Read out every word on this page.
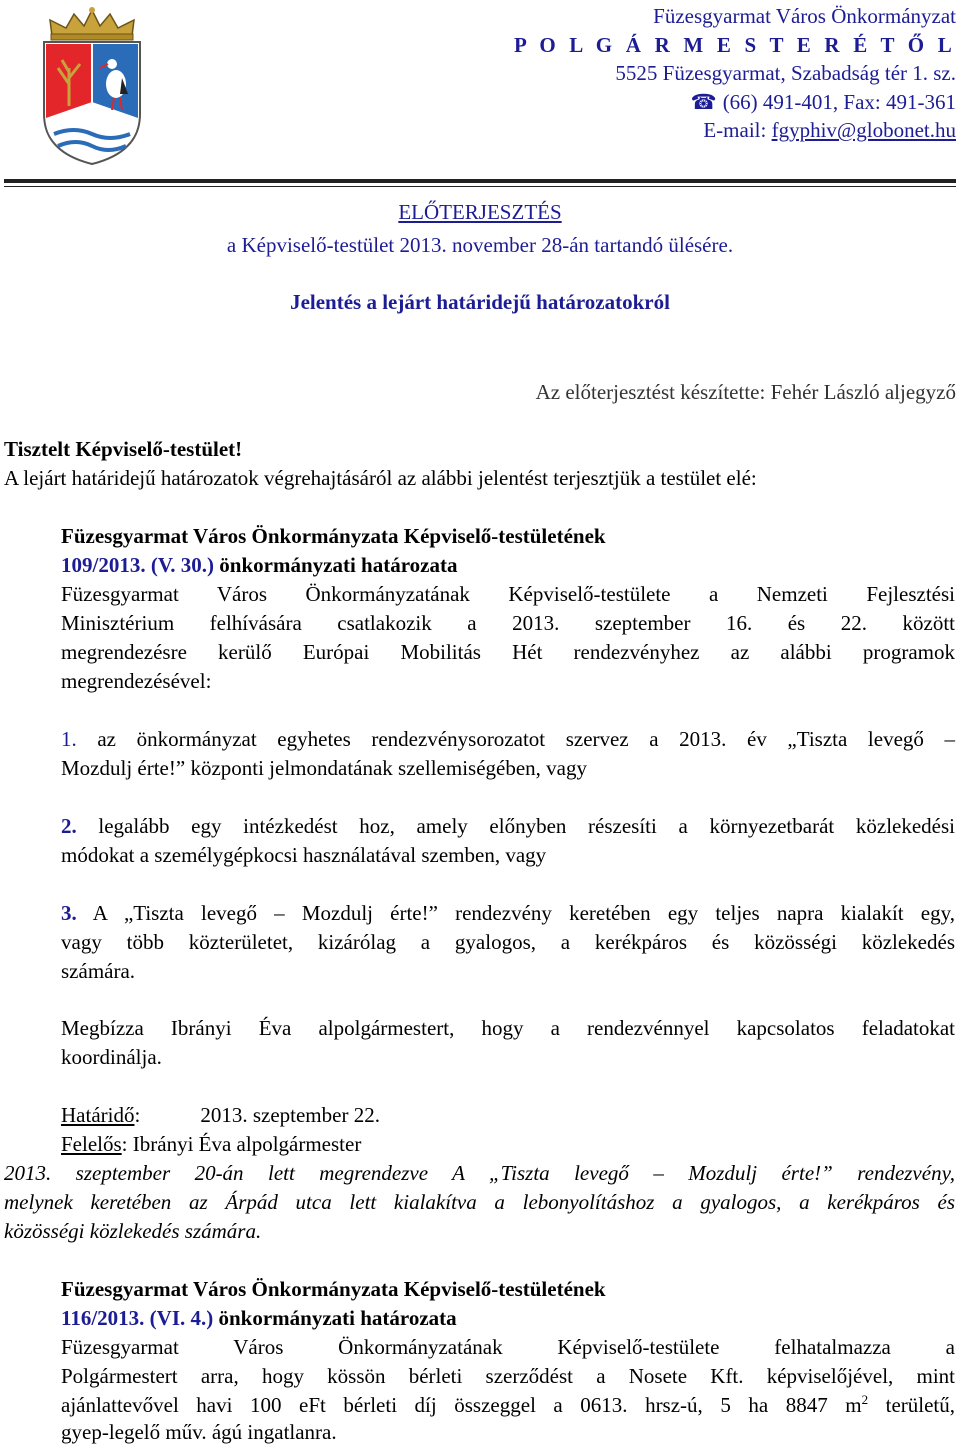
Füzesgyarmat Város Önkormányzat
P O L G Á R M E S T E R É T Ő L
5525 Füzesgyarmat, Szabadság tér 1. sz.
☎ (66) 491-401, Fax: 491-361
E-mail: fgyphiv@globonet.hu
ELŐTERJESZTÉS
a Képviselő-testület 2013. november 28-án tartandó ülésére.
Jelentés a lejárt határidejű határozatokról
Az előterjesztést készítette: Fehér László aljegyző
Tisztelt Képviselő-testület!
A lejárt határidejű határozatok végrehajtásáról az alábbi jelentést terjesztjük a testület elé:
Füzesgyarmat Város Önkormányzata Képviselő-testületének
109/2013. (V. 30.) önkormányzati határozata
Füzesgyarmat Város Önkormányzatának Képviselő-testülete a Nemzeti Fejlesztési
Minisztérium felhívására csatlakozik a 2013. szeptember 16. és 22. között
megrendezésre kerülő Európai Mobilitás Hét rendezvényhez az alábbi programok
megrendezésével:
1. az önkormányzat egyhetes rendezvénysorozatot szervez a 2013. év „Tiszta levegő –
Mozdulj érte!” központi jelmondatának szellemiségében, vagy
2. legalább egy intézkedést hoz, amely előnyben részesíti a környezetbarát közlekedési
módokat a személygépkocsi használatával szemben, vagy
3. A „Tiszta levegő – Mozdulj érte!” rendezvény keretében egy teljes napra kialakít egy,
vagy több közterületet, kizárólag a gyalogos, a kerékpáros és közösségi közlekedés
számára.
Megbízza Ibrányi Éva alpolgármestert, hogy a rendezvénnyel kapcsolatos feladatokat
koordinálja.
Határidő:	2013. szeptember 22.
Felelős: Ibrányi Éva alpolgármester
2013. szeptember 20-án lett megrendezve A „Tiszta levegő – Mozdulj érte!” rendezvény,
melynek keretében az Árpád utca lett kialakítva a lebonyolításhoz a gyalogos, a kerékpáros és
közösségi közlekedés számára.
Füzesgyarmat Város Önkormányzata Képviselő-testületének
116/2013. (VI. 4.) önkormányzati határozata
Füzesgyarmat Város Önkormányzatának Képviselő-testülete felhatalmazza a
Polgármestert arra, hogy kössön bérleti szerződést a Nosete Kft. képviselőjével, mint
ajánlattevővel havi 100 eFt bérleti díj összeggel a 0613. hrsz-ú, 5 ha 8847 $m^2$ területű,
gyep-legelő műv. ágú ingatlanra.
